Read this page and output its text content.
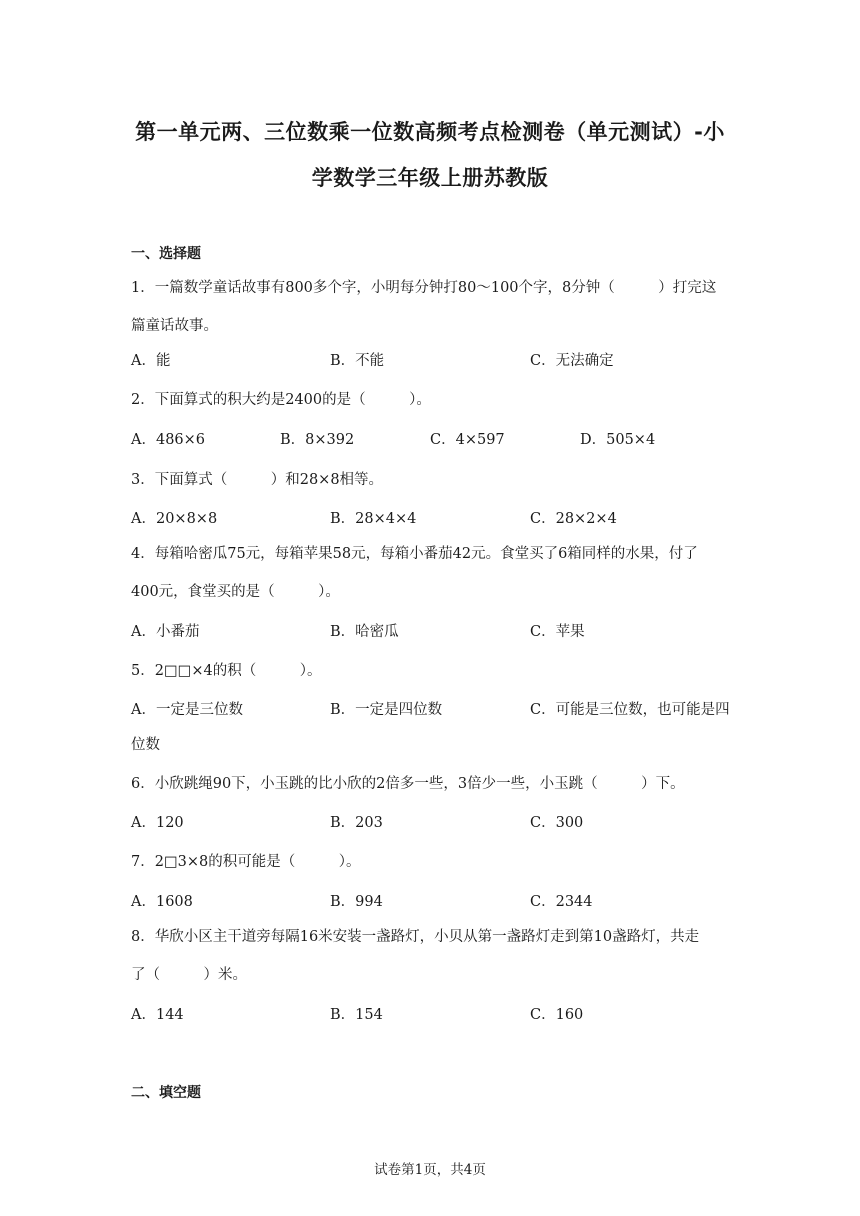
第一单元两、三位数乘一位数高频考点检测卷（单元测试）-小
学数学三年级上册苏教版
一、选择题
1．一篇数学童话故事有800多个字，小明每分钟打80～100个字，8分钟（　　　）打完这
篇童话故事。
A．能	B．不能	C．无法确定
2．下面算式的积大约是2400的是（　　　）。
A．486×6	B．8×392	C．4×597	D．505×4
3．下面算式（　　　）和28×8相等。
A．20×8×8	B．28×4×4	C．28×2×4
4．每箱哈密瓜75元，每箱苹果58元，每箱小番茄42元。食堂买了6箱同样的水果，付了
400元，食堂买的是（　　　）。
A．小番茄	B．哈密瓜	C．苹果
5．2□□×4的积（　　　）。
A．一定是三位数	B．一定是四位数	C．可能是三位数，也可能是四
位数
6．小欣跳绳90下，小玉跳的比小欣的2倍多一些，3倍少一些，小玉跳（　　　）下。
A．120	B．203	C．300
7．2□3×8的积可能是（　　　）。
A．1608	B．994	C．2344
8．华欣小区主干道旁每隔16米安装一盏路灯，小贝从第一盏路灯走到第10盏路灯，共走
了（　　　）米。
A．144	B．154	C．160
二、填空题
试卷第1页，共4页
